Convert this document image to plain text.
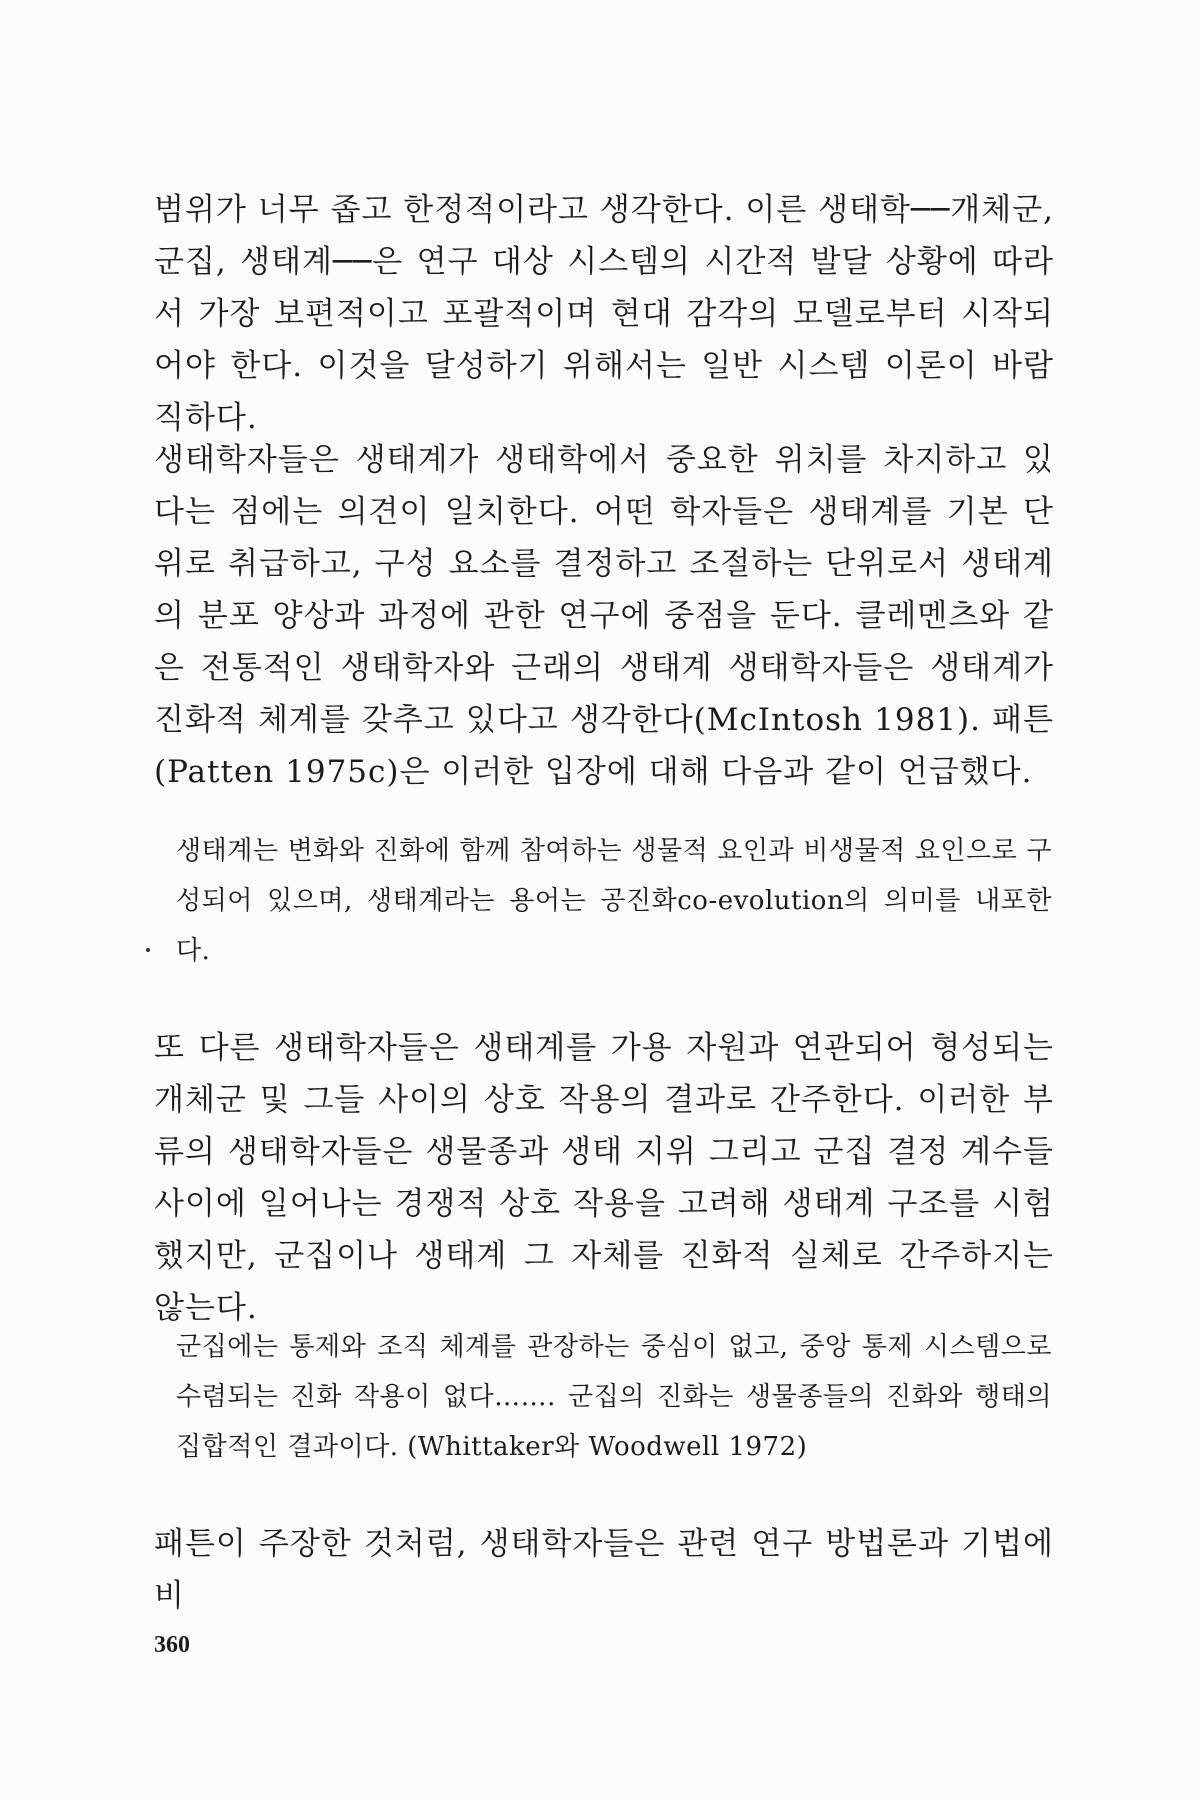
범위가 너무 좁고 한정적이라고 생각한다. 이른 생태학──개체군, 군집, 생태계──은 연구 대상 시스템의 시간적 발달 상황에 따라서 가장 보편적이고 포괄적이며 현대 감각의 모델로부터 시작되어야 한다. 이것을 달성하기 위해서는 일반 시스템 이론이 바람직하다.

생태학자들은 생태계가 생태학에서 중요한 위치를 차지하고 있다는 점에는 의견이 일치한다. 어떤 학자들은 생태계를 기본 단위로 취급하고, 구성 요소를 결정하고 조절하는 단위로서 생태계의 분포 양상과 과정에 관한 연구에 중점을 둔다. 클레멘츠와 같은 전통적인 생태학자와 근래의 생태계 생태학자들은 생태계가 진화적 체계를 갖추고 있다고 생각한다(McIntosh 1981). 패튼(Patten 1975c)은 이러한 입장에 대해 다음과 같이 언급했다.

생태계는 변화와 진화에 함께 참여하는 생물적 요인과 비생물적 요인으로 구성되어 있으며, 생태계라는 용어는 공진화co-evolution의 의미를 내포한다.

또 다른 생태학자들은 생태계를 가용 자원과 연관되어 형성되는 개체군 및 그들 사이의 상호 작용의 결과로 간주한다. 이러한 부류의 생태학자들은 생물종과 생태 지위 그리고 군집 결정 계수들 사이에 일어나는 경쟁적 상호 작용을 고려해 생태계 구조를 시험했지만, 군집이나 생태계 그 자체를 진화적 실체로 간주하지는 않는다.

군집에는 통제와 조직 체계를 관장하는 중심이 없고, 중앙 통제 시스템으로 수렴되는 진화 작용이 없다……. 군집의 진화는 생물종들의 진화와 행태의 집합적인 결과이다. (Whittaker와 Woodwell 1972)

패튼이 주장한 것처럼, 생태학자들은 관련 연구 방법론과 기법에 비

360
